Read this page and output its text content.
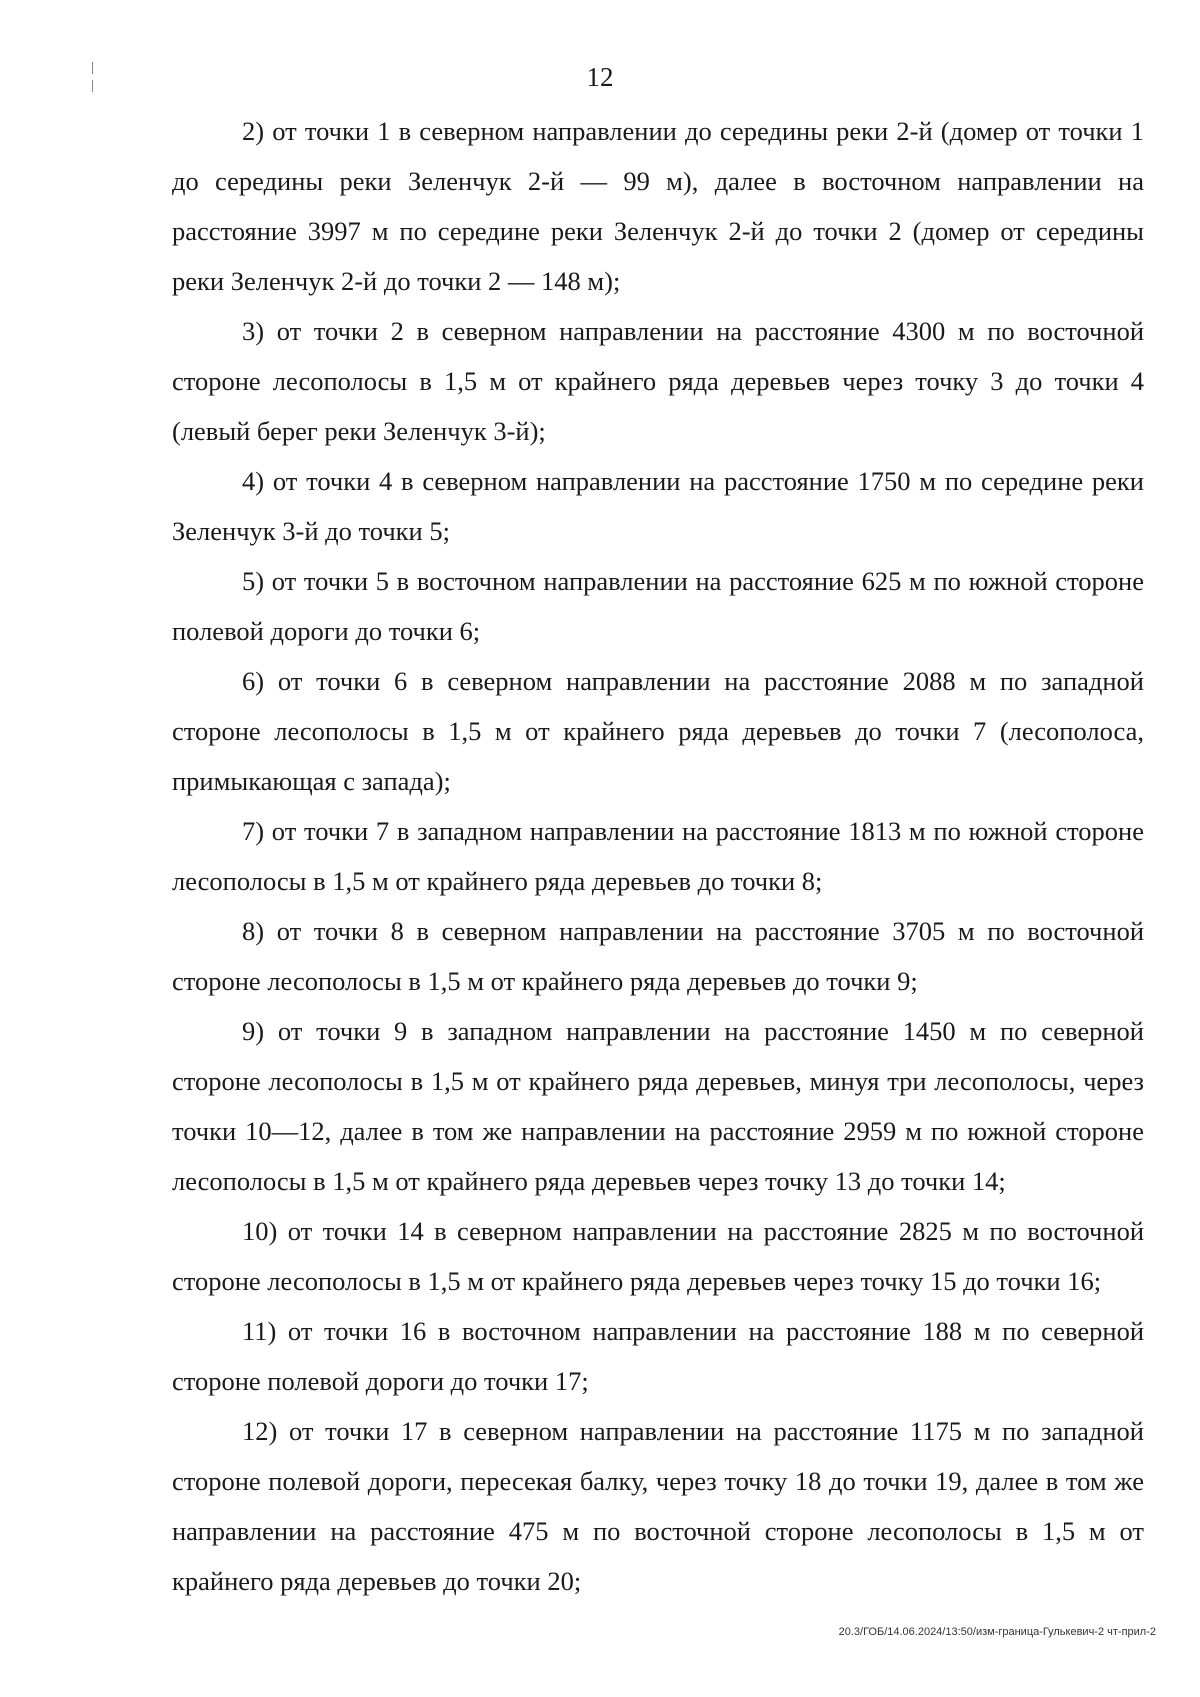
12

2) от точки 1 в северном направлении до середины реки 2-й (домер от точки 1 до середины реки Зеленчук 2-й — 99 м), далее в восточном направлении на расстояние 3997 м по середине реки Зеленчук 2-й до точки 2 (домер от середины реки Зеленчук 2-й до точки 2 — 148 м);

3) от точки 2 в северном направлении на расстояние 4300 м по восточной стороне лесополосы в 1,5 м от крайнего ряда деревьев через точку 3 до точки 4 (левый берег реки Зеленчук 3-й);

4) от точки 4 в северном направлении на расстояние 1750 м по середине реки Зеленчук 3-й до точки 5;

5) от точки 5 в восточном направлении на расстояние 625 м по южной стороне полевой дороги до точки 6;

6) от точки 6 в северном направлении на расстояние 2088 м по западной стороне лесополосы в 1,5 м от крайнего ряда деревьев до точки 7 (лесополоса, примыкающая с запада);

7) от точки 7 в западном направлении на расстояние 1813 м по южной стороне лесополосы в 1,5 м от крайнего ряда деревьев до точки 8;

8) от точки 8 в северном направлении на расстояние 3705 м по восточной стороне лесополосы в 1,5 м от крайнего ряда деревьев до точки 9;

9) от точки 9 в западном направлении на расстояние 1450 м по северной стороне лесополосы в 1,5 м от крайнего ряда деревьев, минуя три лесополосы, через точки 10—12, далее в том же направлении на расстояние 2959 м по южной стороне лесополосы в 1,5 м от крайнего ряда деревьев через точку 13 до точки 14;

10) от точки 14 в северном направлении на расстояние 2825 м по восточной стороне лесополосы в 1,5 м от крайнего ряда деревьев через точку 15 до точки 16;

11) от точки 16 в восточном направлении на расстояние 188 м по северной стороне полевой дороги до точки 17;

12) от точки 17 в северном направлении на расстояние 1175 м по западной стороне полевой дороги, пересекая балку, через точку 18 до точки 19, далее в том же направлении на расстояние 475 м по восточной стороне лесополосы в 1,5 м от крайнего ряда деревьев до точки 20;

20.3/ГОБ/14.06.2024/13:50/изм-граница-Гулькевич-2 чт-прил-2
